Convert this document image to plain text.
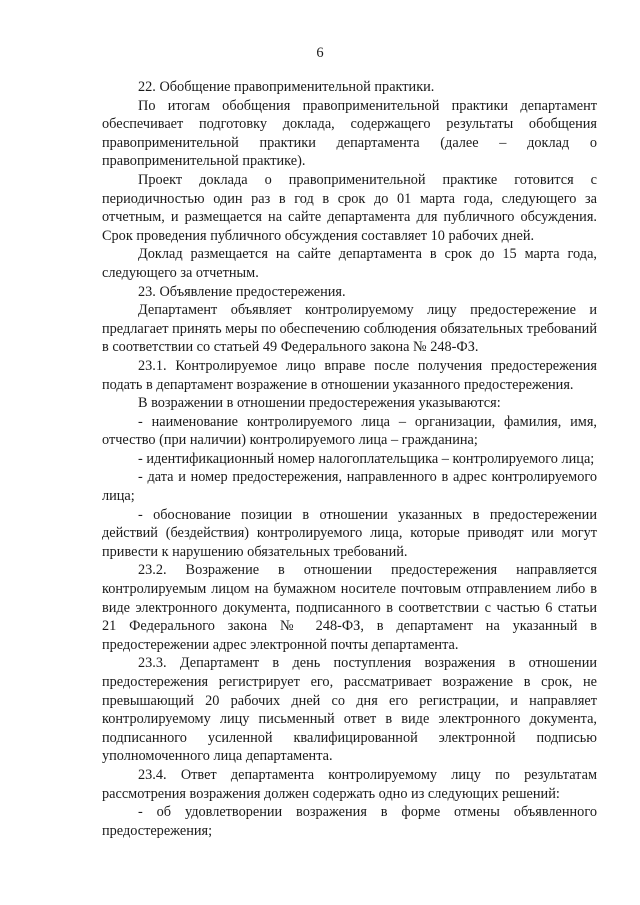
6

22. Обобщение правоприменительной практики.

По итогам обобщения правоприменительной практики департамент обеспечивает подготовку доклада, содержащего результаты обобщения правоприменительной практики департамента (далее – доклад о правоприменительной практике).

Проект доклада о правоприменительной практике готовится с периодичностью один раз в год в срок до 01 марта года, следующего за отчетным, и размещается на сайте департамента для публичного обсуждения. Срок проведения публичного обсуждения составляет 10 рабочих дней.

Доклад размещается на сайте департамента в срок до 15 марта года, следующего за отчетным.

23. Объявление предостережения.

Департамент объявляет контролируемому лицу предостережение и предлагает принять меры по обеспечению соблюдения обязательных требований в соответствии со статьей 49 Федерального закона № 248-ФЗ.

23.1. Контролируемое лицо вправе после получения предостережения подать в департамент возражение в отношении указанного предостережения.

В возражении в отношении предостережения указываются:

- наименование контролируемого лица – организации, фамилия, имя, отчество (при наличии) контролируемого лица – гражданина;

- идентификационный номер налогоплательщика – контролируемого лица;

- дата и номер предостережения, направленного в адрес контролируемого лица;

- обоснование позиции в отношении указанных в предостережении действий (бездействия) контролируемого лица, которые приводят или могут привести к нарушению обязательных требований.

23.2. Возражение в отношении предостережения направляется контролируемым лицом на бумажном носителе почтовым отправлением либо в виде электронного документа, подписанного в соответствии с частью 6 статьи 21 Федерального закона № 248-ФЗ, в департамент на указанный в предостережении адрес электронной почты департамента.

23.3. Департамент в день поступления возражения в отношении предостережения регистрирует его, рассматривает возражение в срок, не превышающий 20 рабочих дней со дня его регистрации, и направляет контролируемому лицу письменный ответ в виде электронного документа, подписанного усиленной квалифицированной электронной подписью уполномоченного лица департамента.

23.4. Ответ департамента контролируемому лицу по результатам рассмотрения возражения должен содержать одно из следующих решений:

- об удовлетворении возражения в форме отмены объявленного предостережения;
